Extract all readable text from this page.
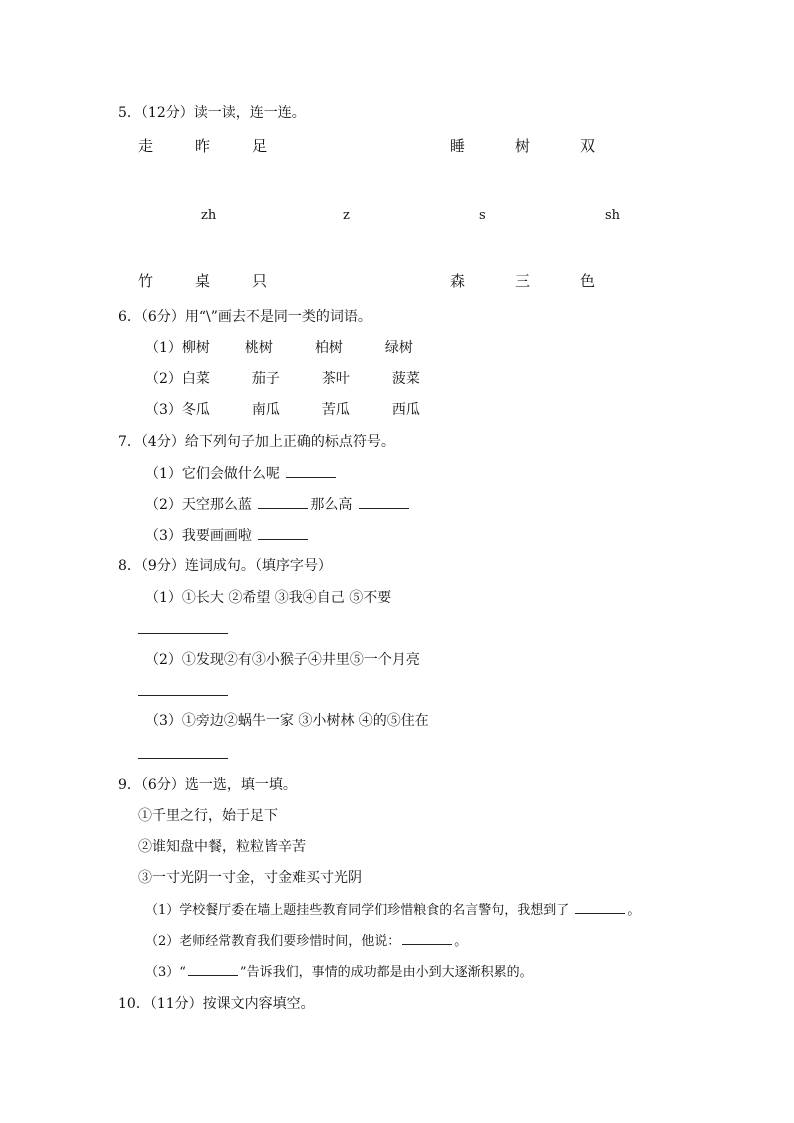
5．（12分）读一读，连一连。
走	昨	足	睡	树	双
zh	z	s	sh
竹	桌	只	森	三	色
6．（6分）用“\”画去不是同一类的词语。
（1）柳树	桃树	柏树	绿树
（2）白菜	茄子	茶叶	菠菜
（3）冬瓜	南瓜	苦瓜	西瓜
7．（4分）给下列句子加上正确的标点符号。
（1）它们会做什么呢
（2）天空那么蓝	那么高
（3）我要画画啦
8．（9分）连词成句。（填序字号）
（1）①长大 ②希望 ③我④自己 ⑤不要
（2）①发现②有③小猴子④井里⑤一个月亮
（3）①旁边②蜗牛一家 ③小树林 ④的⑤住在
9．（6分）选一选，填一填。
①千里之行，始于足下
②谁知盘中餐，粒粒皆辛苦
③一寸光阴一寸金，寸金难买寸光阴
（1）学校餐厅委在墙上题挂些教育同学们珍惜粮食的名言警句，我想到了	。
（2）老师经常教育我们要珍惜时间，他说：	。
（3）“	”告诉我们，事情的成功都是由小到大逐渐积累的。
10．（11分）按课文内容填空。
